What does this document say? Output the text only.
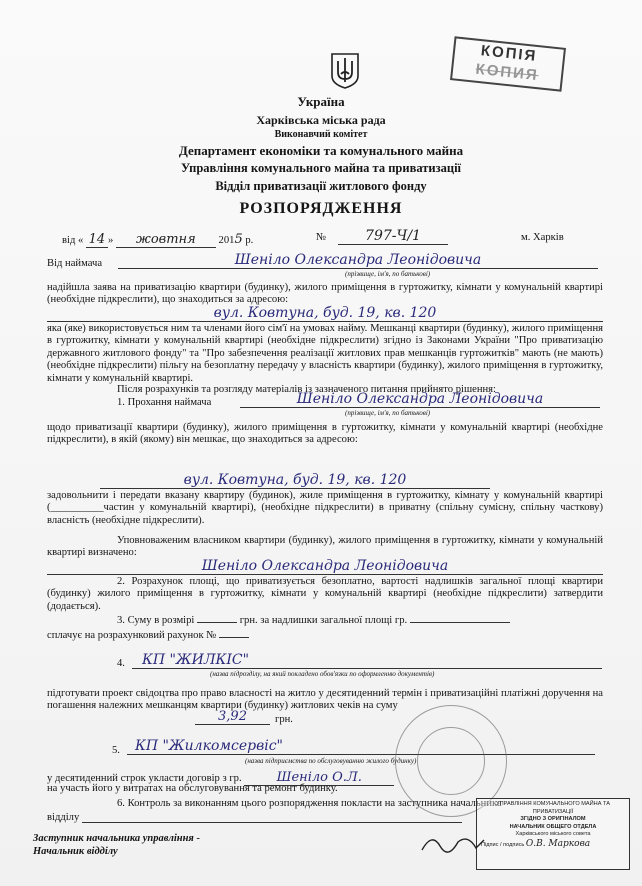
КОПІЯ
КОПИЯ
Україна
Харківська міська рада
Виконавчий комітет
Департамент економіки та комунального майна
Управління комунального майна та приватизації
Відділ приватизації житлового фонду
РОЗПОРЯДЖЕННЯ
від « 14 » жовтня 2015 р.	№	797-Ч/1	м. Харків
Від наймача	Шеніло Олександра Леонідовича
(прізвище, ім'я, по батькові)
надійшла заява на приватизацію квартири (будинку), жилого приміщення в гуртожитку, кімнати у комунальній квартирі (необхідне підкреслити), що знаходиться за адресою:
вул. Ковтуна, буд. 19, кв. 120
яка (яке) використовується ним та членами його сім'ї на умовах найму. Мешканці квартири (будинку), жилого приміщення в гуртожитку, кімнати у комунальній квартирі (необхідне підкреслити) згідно із Законами України "Про приватизацію державного житлового фонду" та "Про забезпечення реалізації житлових прав мешканців гуртожитків" мають (не мають) (необхідне підкреслити) пільгу на безоплатну передачу у власність квартири (будинку), жилого приміщення в гуртожитку, кімнати у комунальній квартирі.
Після розрахунків та розгляду матеріалів із зазначеного питання прийнято рішення:
1. Прохання наймача	Шеніло Олександра Леонідовича
(прізвище, ім'я, по батькові)
щодо приватизації квартири (будинку), жилого приміщення в гуртожитку, кімнати у комунальній квартирі (необхідне підкреслити), в якій (якому) він мешкає, що знаходиться за адресою:
вул. Ковтуна, буд. 19, кв. 120
задовольнити і передати вказану квартиру (будинок), жиле приміщення в гуртожитку, кімнату у комунальній квартирі (__________частин у комунальній квартирі), (необхідне підкреслити) в приватну (спільну сумісну, спільну часткову) власність (необхідне підкреслити).
Уповноваженим власником квартири (будинку), жилого приміщення в гуртожитку, кімнати у комунальній квартирі визначено:
Шеніло Олександра Леонідовича
2. Розрахунок площі, що приватизується безоплатно, вартості надлишків загальної площі квартири (будинку) жилого приміщення в гуртожитку, кімнати у комунальній квартирі (необхідне підкреслити) затвердити (додається).
3. Суму в розмірі	грн. за надлишки загальної площі гр.
сплачує на розрахунковий рахунок №
4.	КП "ЖИЛКІС"
(назва підрозділу, на який покладено обов'язки по оформленню документів)
підготувати проект свідоцтва про право власності на житло у десятиденний термін і приватизаційні платіжні доручення на погашення належних мешканцям квартири (будинку) житлових чеків на суму
3,92	грн.
5.	КП "Жилкомсервіс"
(назва підприємства по обслуговуванню жилого будинку)
у десятиденний строк укласти договір з гр.	Шеніло О.Л.
на участь його у витратах на обслуговування та ремонт будинку.
6. Контроль за виконанням цього розпорядження покласти на заступника начальника
відділу
Заступник начальника управління -
Начальник відділу
УПРАВЛІННЯ КОМУНАЛЬНОГО МАЙНА ТА ПРИВАТИЗАЦІЇ
ЗГІДНО З ОРИГІНАЛОМ
НАЧАЛЬНИК ОБЩЕГО ОТДЕЛА
Харківського міського совета
Підпис / подпись О.В. Маркова
